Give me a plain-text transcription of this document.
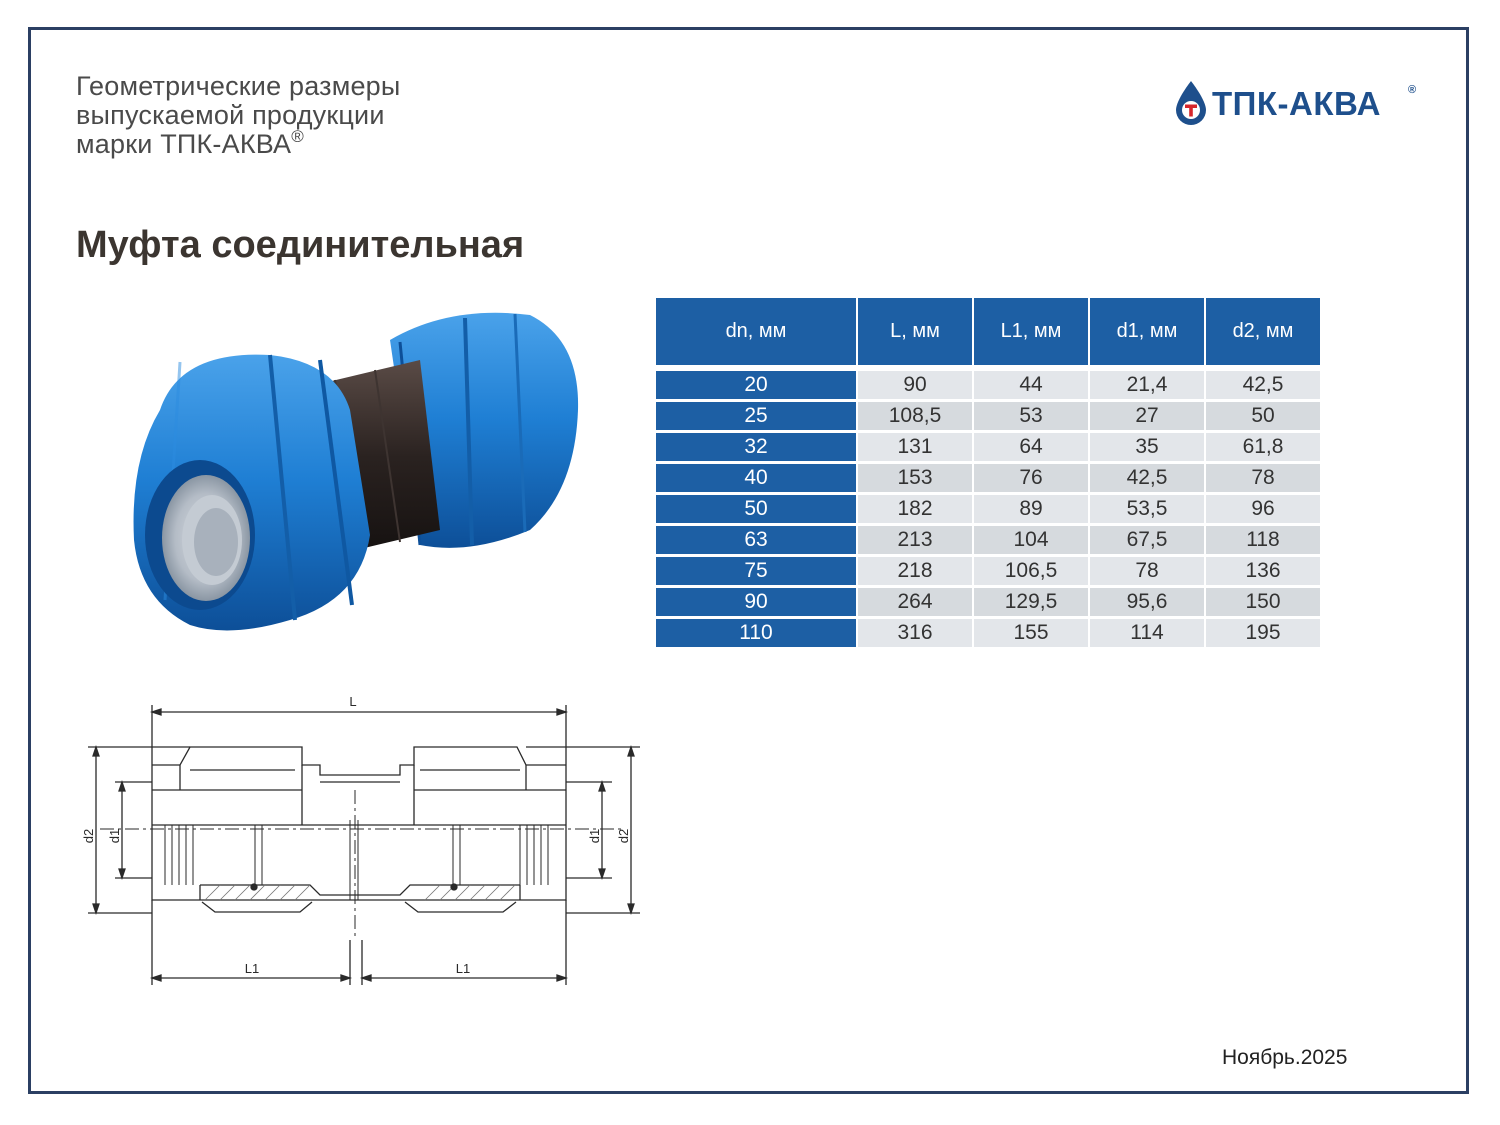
Геометрические размеры
выпускаемой продукции
марки ТПК-АКВА®
ТПК-АКВА ®
Муфта соединительная
L
L1	L1
d2 d1	d1 d2
dn, мм	L, мм	L1, мм	d1, мм	d2, мм
20	90	44	21,4	42,5
25	108,5	53	27	50
32	131	64	35	61,8
40	153	76	42,5	78
50	182	89	53,5	96
63	213	104	67,5	118
75	218	106,5	78	136
90	264	129,5	95,6	150
110	316	155	114	195
Ноябрь.2025
